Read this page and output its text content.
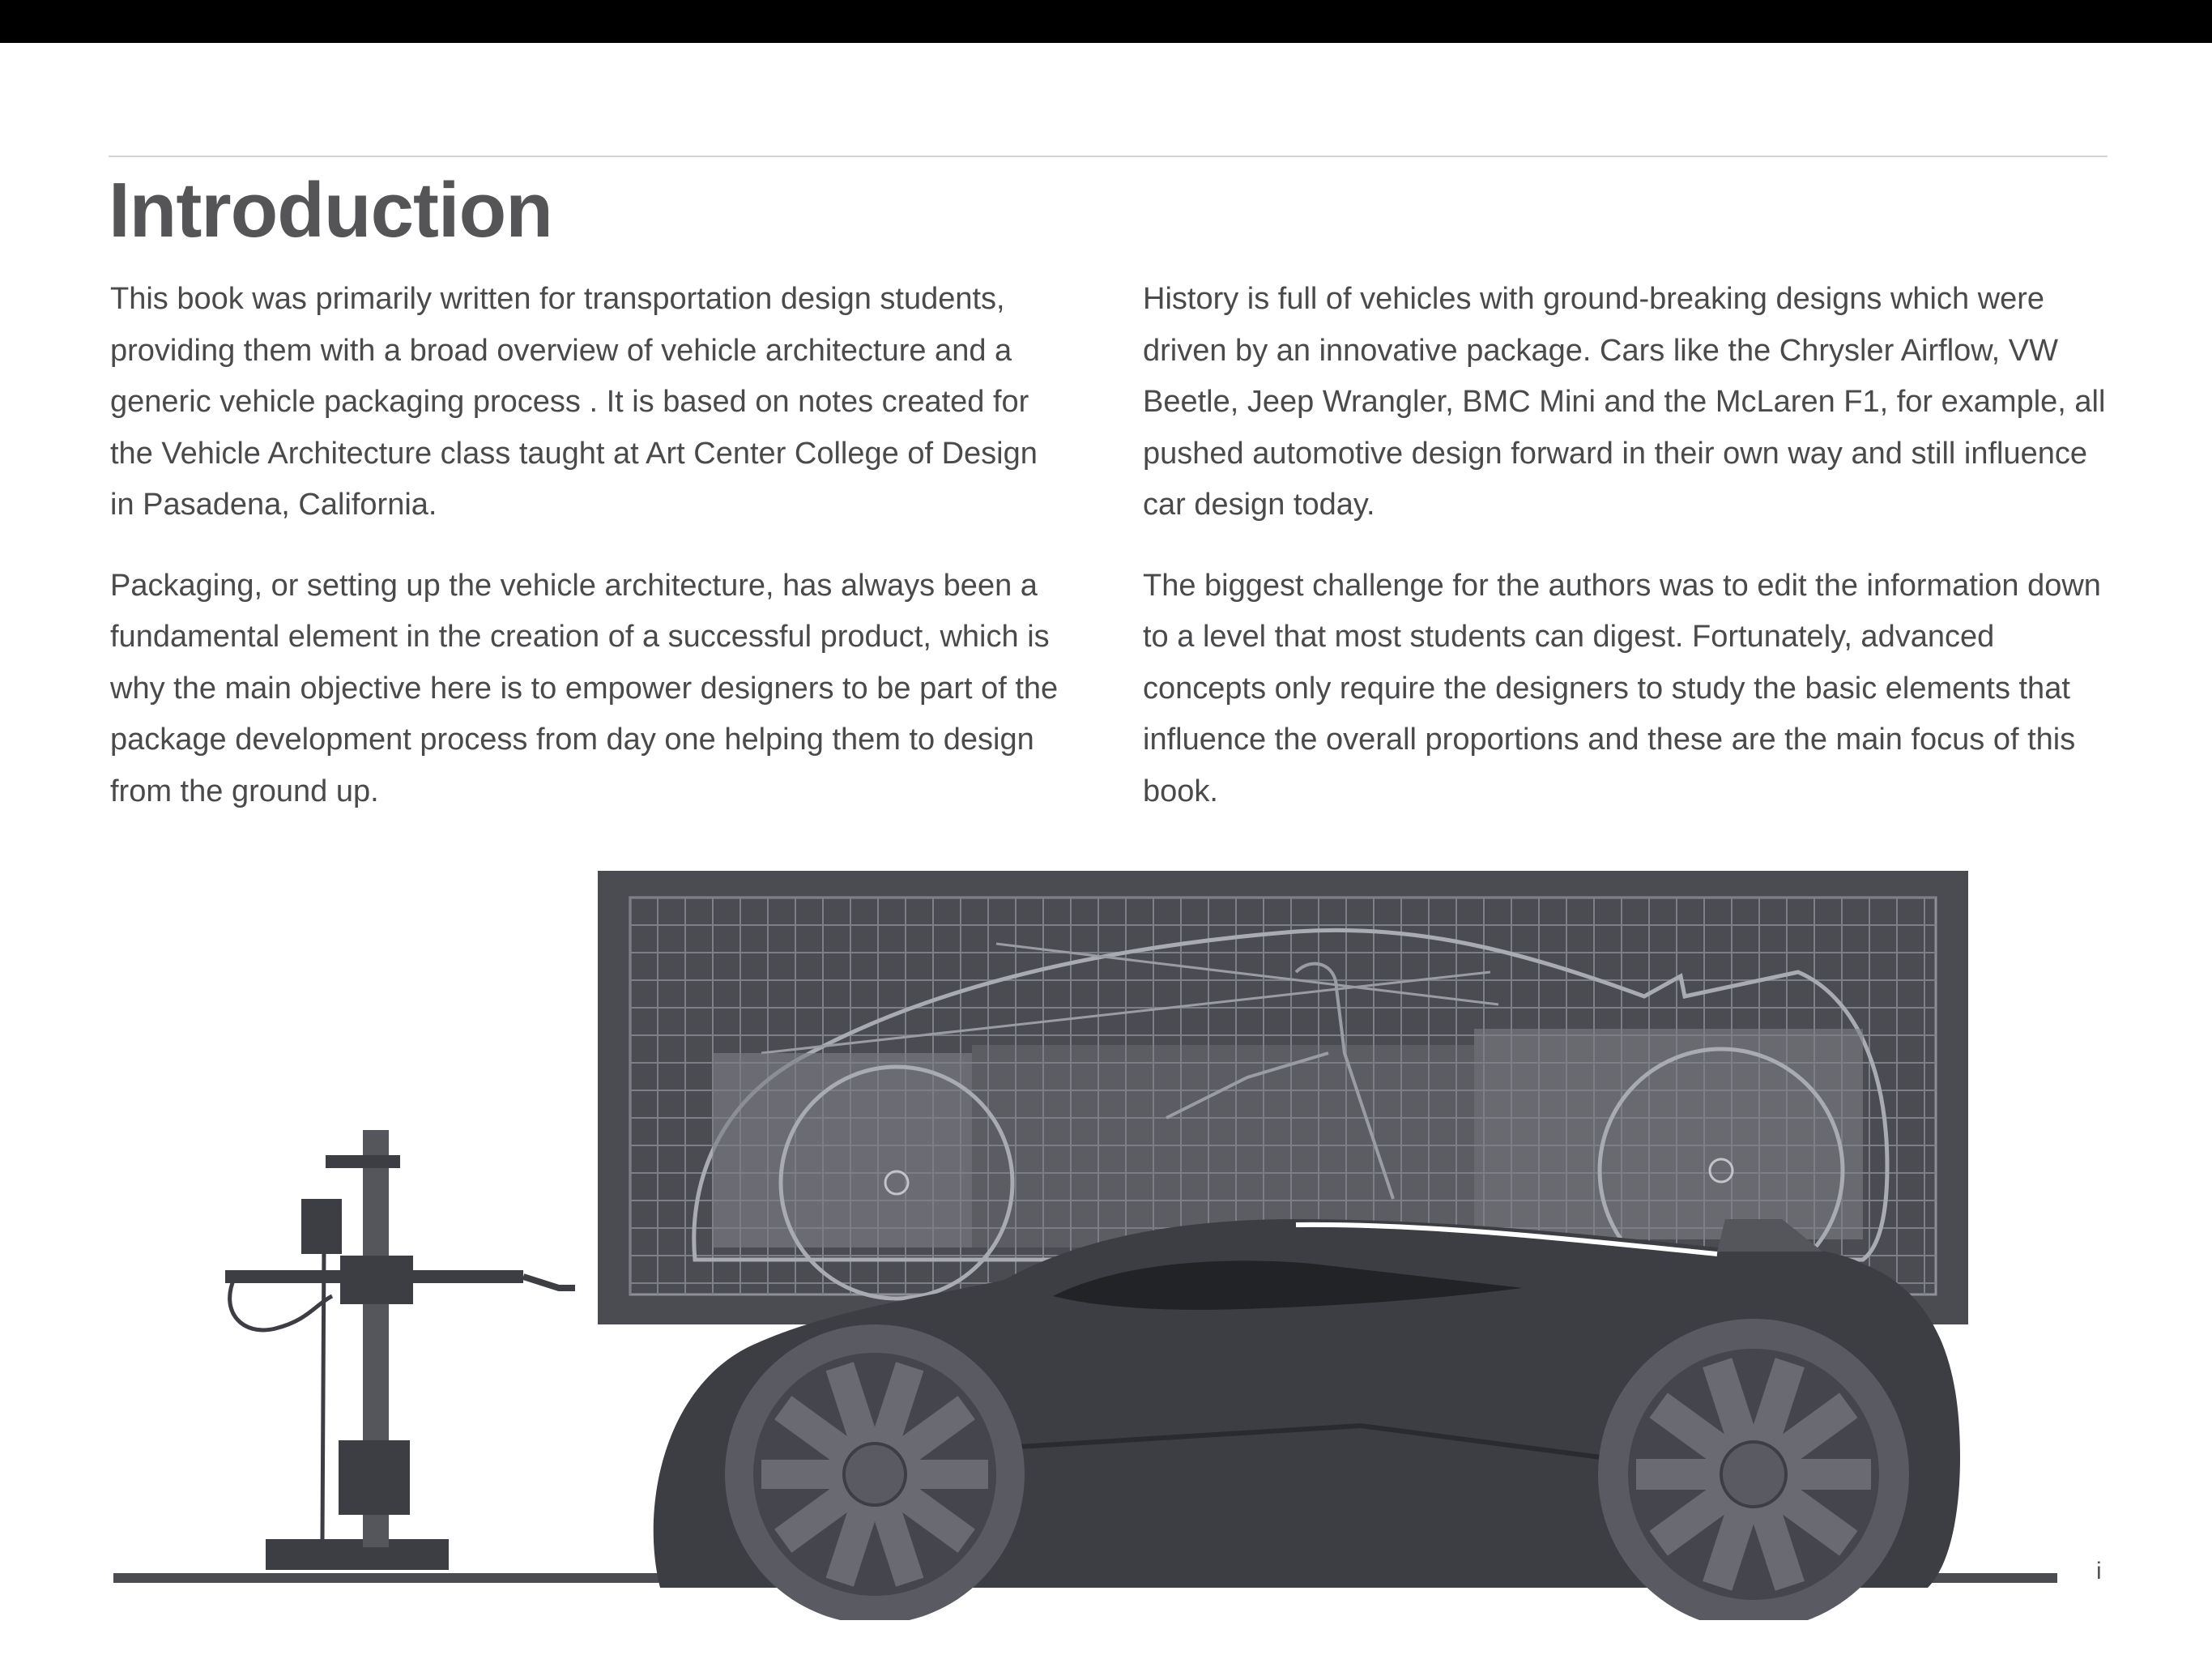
Introduction

This book was primarily written for transportation design students, providing them with a broad overview of vehicle architecture and a generic vehicle packaging process . It is based on notes created for the Vehicle Architecture class taught at Art Center College of Design in Pasadena, California.

Packaging, or setting up the vehicle architecture, has always been a fundamental element in the creation of a successful product, which is why the main objective here is to empower designers to be part of the package development process from day one helping them to design from the ground up.

History is full of vehicles with ground-breaking designs which were driven by an innovative package. Cars like the Chrysler Airflow, VW Beetle, Jeep Wrangler, BMC Mini and the McLaren F1, for example, all pushed automotive design forward in their own way and still influence car design today.

The biggest challenge for the authors was to edit the information down to a level that most students can digest. Fortunately, advanced concepts only require the designers to study the basic elements that influence the overall proportions and these are the main focus of this book.

i
